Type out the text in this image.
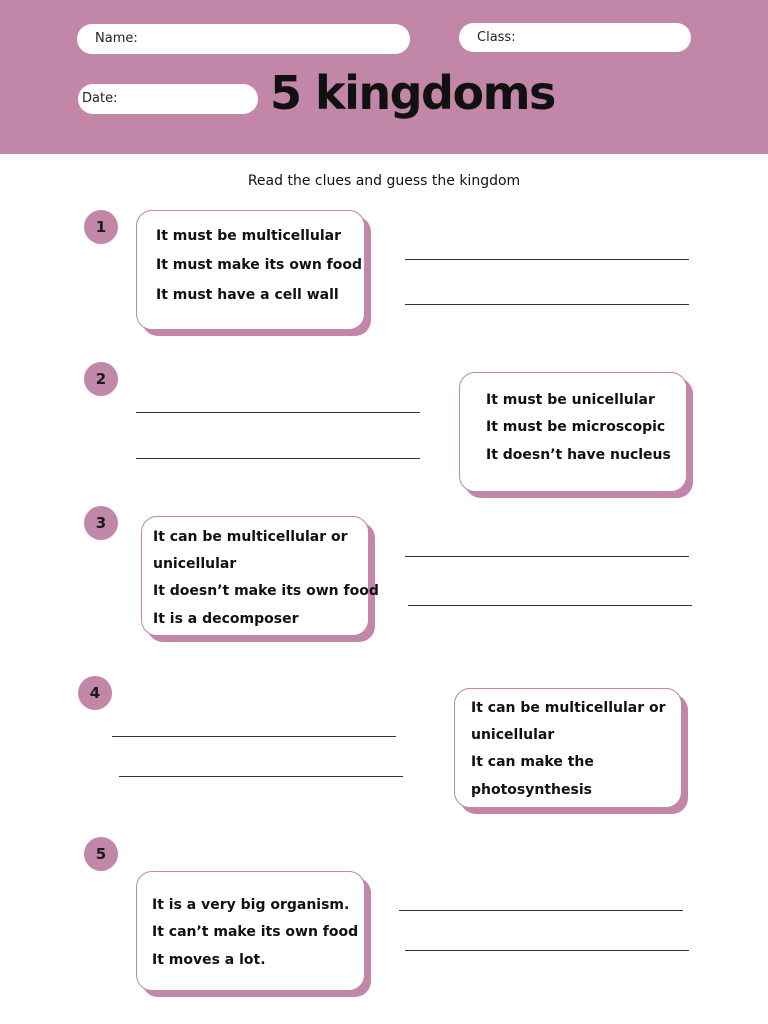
Name:	Class:
Date:	5 kingdoms
Read the clues and guess the kingdom
1	It must be multicellular
It must make its own food
It must have a cell wall
2
It must be unicellular
It must be microscopic
It doesn’t have nucleus
3
It can be multicellular or
unicellular
It doesn’t make its own food
It is a decomposer
4
It can be multicellular or
unicellular
It can make the
photosynthesis
5
It is a very big organism.
It can’t make its own food
It moves a lot.
